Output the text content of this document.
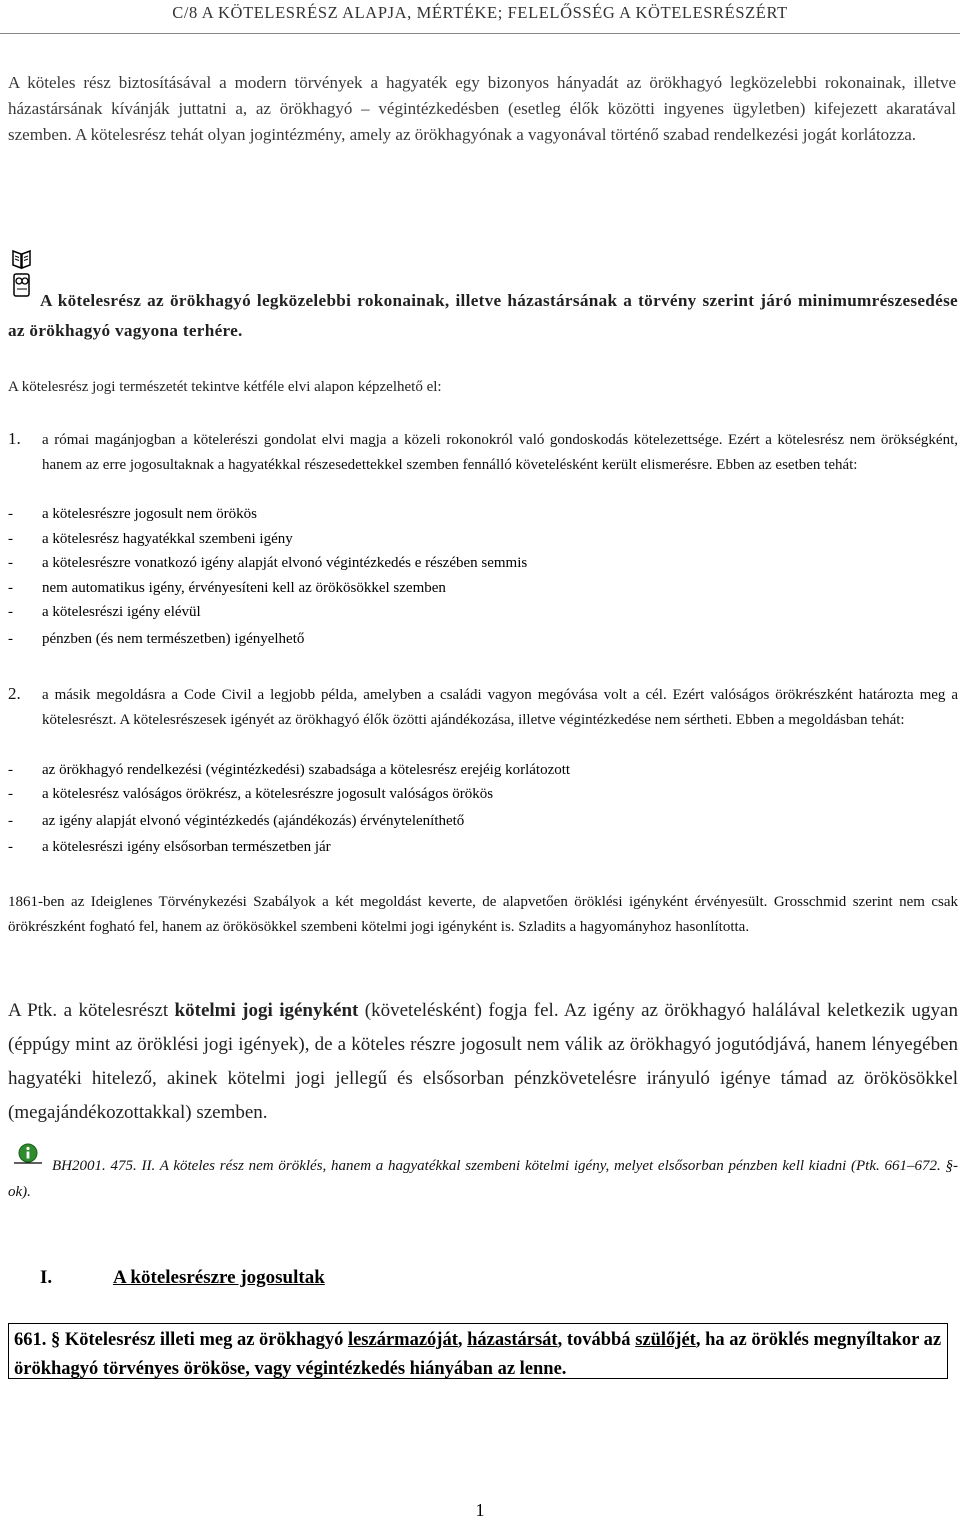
C/8 A KÖTELESRÉSZ ALAPJA, MÉRTÉKE; FELELŐSSÉG A KÖTELESRÉSZÉRT
A köteles rész biztosításával a modern törvények a hagyaték egy bizonyos hányadát az örökhagyó legközelebbi rokonainak, illetve házastársának kívánják juttatni a, az örökhagyó – végintézkedésben (esetleg élők közötti ingyenes ügyletben) kifejezett akaratával szemben. A kötelesrész tehát olyan jogintézmény, amely az örökhagyónak a vagyonával történő szabad rendelkezési jogát korlátozza.
A kötelesrész az örökhagyó legközelebbi rokonainak, illetve házastársának a törvény szerint járó minimumrészesedése az örökhagyó vagyona terhére.
A kötelesrész jogi természetét tekintve kétféle elvi alapon képzelhető el:
1. a római magánjogban a kötelerészi gondolat elvi magja a közeli rokonokról való gondoskodás kötelezettsége. Ezért a kötelesrész nem örökségként, hanem az erre jogosultaknak a hagyatékkal részesedettekkel szemben fennálló követelésként került elismerésre. Ebben az esetben tehát:
- a kötelesrészre jogosult nem örökös
- a kötelesrész hagyatékkal szembeni igény
- a kötelesrészre vonatkozó igény alapját elvonó végintézkedés e részében semmis
- nem automatikus igény, érvényesíteni kell az örökösökkel szemben
- a kötelesrészi igény elévül
- pénzben (és nem természetben) igényelhető
2. a másik megoldásra a Code Civil a legjobb példa, amelyben a családi vagyon megóvása volt a cél. Ezért valóságos örökrészként határozta meg a kötelesrészt. A kötelesrészesek igényét az örökhagyó élők özötti ajándékozása, illetve végintézkedése nem sértheti. Ebben a megoldásban tehát:
- az örökhagyó rendelkezési (végintézkedési) szabadsága a kötelesrész erejéig korlátozott
- a kötelesrész valóságos örökrész, a kötelesrészre jogosult valóságos örökös
- az igény alapját elvonó végintézkedés (ajándékozás) érvényteleníthető
- a kötelesrészi igény elsősorban természetben jár
1861-ben az Ideiglenes Törvénykezési Szabályok a két megoldást keverte, de alapvetően öröklési igényként érvényesült. Grosschmid szerint nem csak örökrészként fogható fel, hanem az örökösökkel szembeni kötelmi jogi igényként is. Szladits a hagyományhoz hasonlította.
A Ptk. a kötelesrészt kötelmi jogi igényként (követelésként) fogja fel. Az igény az örökhagyó halálával keletkezik ugyan (éppúgy mint az öröklési jogi igények), de a köteles részre jogosult nem válik az örökhagyó jogutódjává, hanem lényegében hagyatéki hitelező, akinek kötelmi jogi jellegű és elsősorban pénzkövetelésre irányuló igénye támad az örökösökkel (megajándékozottakkal) szemben.
BH2001. 475. II. A köteles rész nem öröklés, hanem a hagyatékkal szembeni kötelmi igény, melyet elsősorban pénzben kell kiadni (Ptk. 661–672. §-ok).
I.	A kötelesrészre jogosultak
661. § Kötelesrész illeti meg az örökhagyó leszármazóját, házastársát, továbbá szülőjét, ha az öröklés megnyíltakor az örökhagyó törvényes örököse, vagy végintézkedés hiányában az lenne.
1
